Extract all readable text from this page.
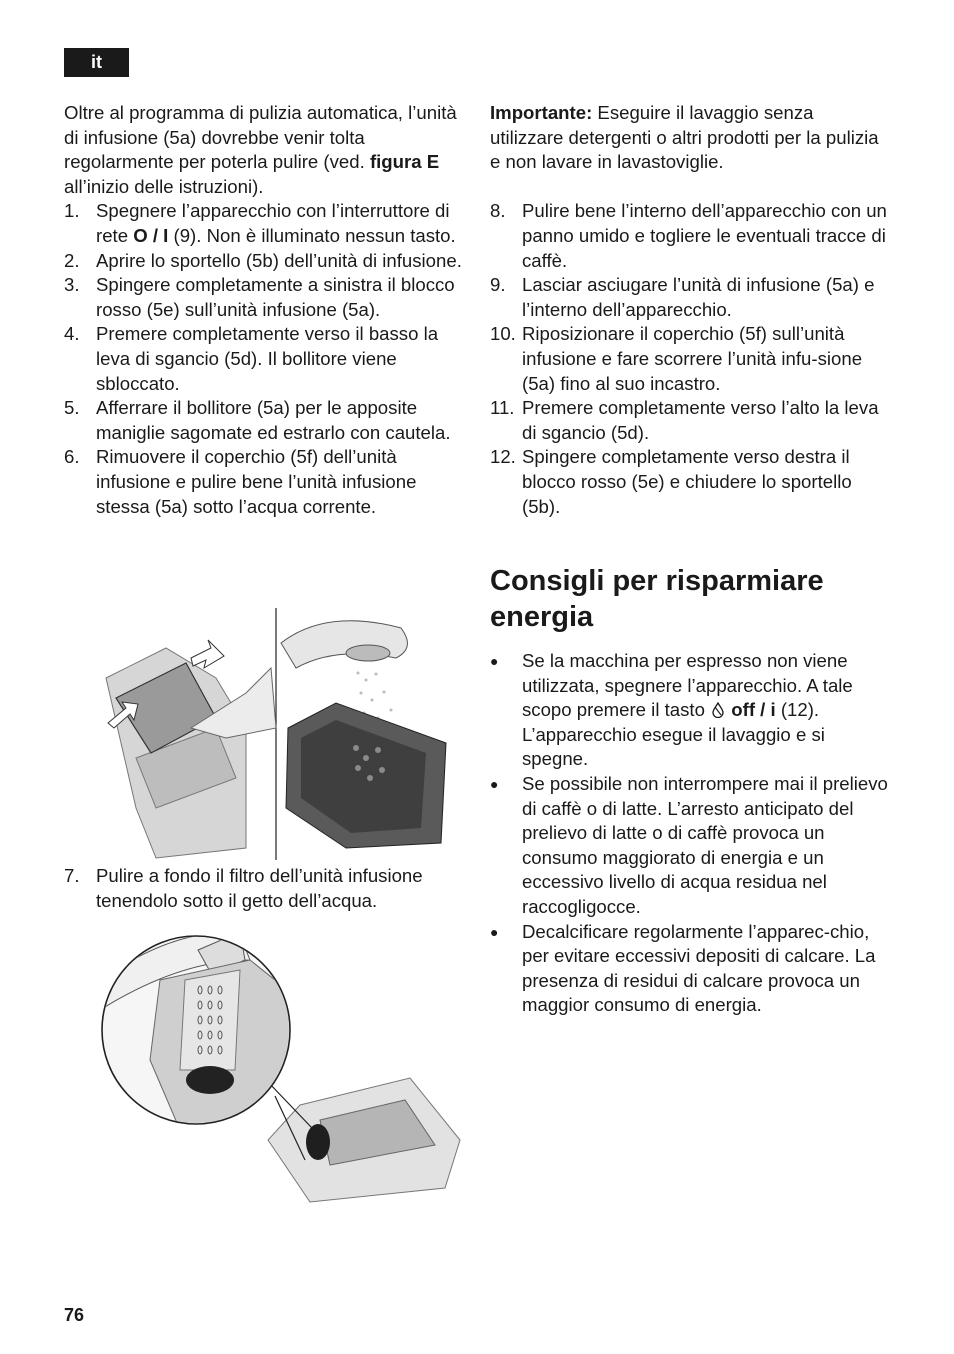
it

Oltre al programma di pulizia automatica, l’unità di infusione (5a) dovrebbe venir tolta regolarmente per poterla pulire (ved. figura E all’inizio delle istruzioni).

1. Spegnere l’apparecchio con l’interruttore di rete O / I (9). Non è illuminato nessun tasto.
2. Aprire lo sportello (5b) dell’unità di infusione.
3. Spingere completamente a sinistra il blocco rosso (5e) sull’unità infusione (5a).
4. Premere completamente verso il basso la leva di sgancio (5d). Il bollitore viene sbloccato.
5. Afferrare il bollitore (5a) per le apposite maniglie sagomate ed estrarlo con cautela.
6. Rimuovere il coperchio (5f) dell’unità infusione e pulire bene l’unità infusione stessa (5a) sotto l’acqua corrente.
7. Pulire a fondo il filtro dell’unità infusione tenendolo sotto il getto dell’acqua.

Importante: Eseguire il lavaggio senza utilizzare detergenti o altri prodotti per la pulizia e non lavare in lavastoviglie.

8. Pulire bene l’interno dell’apparecchio con un panno umido e togliere le eventuali tracce di caffè.
9. Lasciar asciugare l’unità di infusione (5a) e l’interno dell’apparecchio.
10. Riposizionare il coperchio (5f) sull’unità infusione e fare scorrere l’unità infu-sione (5a) fino al suo incastro.
11. Premere completamente verso l’alto la leva di sgancio (5d).
12. Spingere completamente verso destra il blocco rosso (5e) e chiudere lo sportello (5b).
Consigli per risparmiare energia
● Se la macchina per espresso non viene utilizzata, spegnere l’apparecchio. A tale scopo premere il tasto  off / i (12). L’apparecchio esegue il lavaggio e si spegne.
● Se possibile non interrompere mai il prelievo di caffè o di latte. L’arresto anticipato del prelievo di latte o di caffè provoca un consumo maggiorato di energia e un eccessivo livello di acqua residua nel raccogligocce.
● Decalcificare regolarmente l’apparec-chio, per evitare eccessivi depositi di calcare. La presenza di residui di calcare provoca un maggior consumo di energia.
76
